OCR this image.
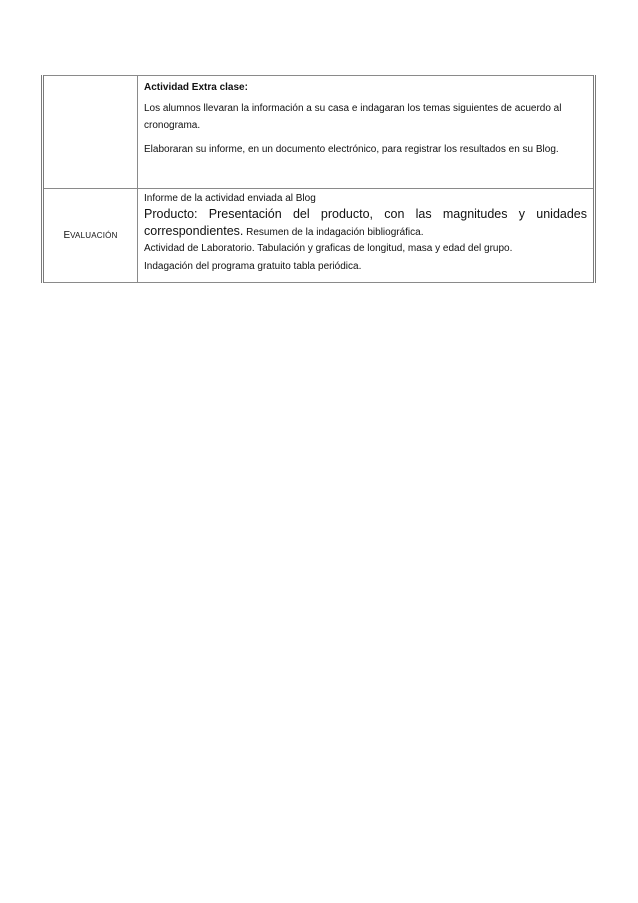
	Actividad Extra clase:

Los alumnos llevaran la información a su casa e indagaran los temas siguientes de acuerdo al cronograma.

Elaboraran su informe, en un documento electrónico, para registrar los resultados en su Blog.

EVALUACIÓN	Informe de la actividad enviada al Blog

Producto: Presentación del producto, con las magnitudes y unidades

correspondientes. Resumen de la indagación bibliográfica.

Actividad de Laboratorio. Tabulación y graficas de longitud, masa y edad del grupo.

Indagación del programa gratuito tabla periódica.
